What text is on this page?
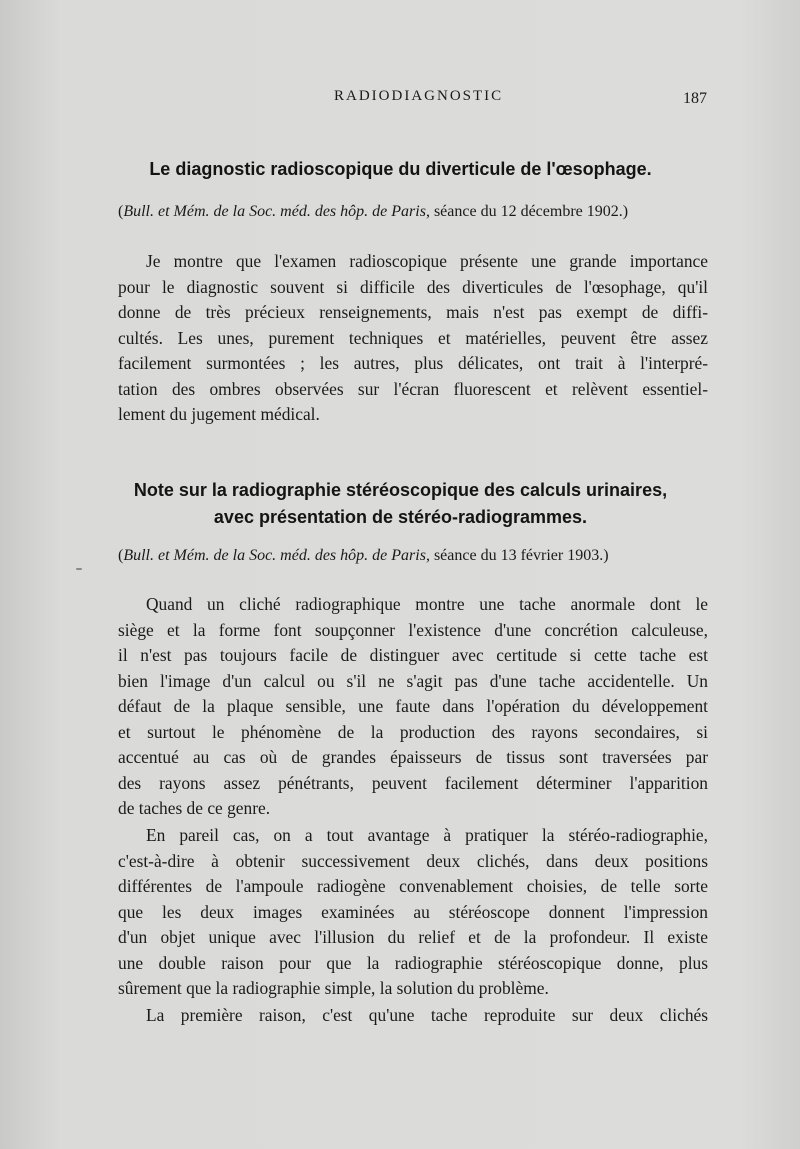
RADIODIAGNOSTIC	187
Le diagnostic radioscopique du diverticule de l'œsophage.
(Bull. et Mém. de la Soc. méd. des hôp. de Paris, séance du 12 décembre 1902.)
Je montre que l'examen radioscopique présente une grande importance
pour le diagnostic souvent si difficile des diverticules de l'œsophage, qu'il
donne de très précieux renseignements, mais n'est pas exempt de diffi-
cultés. Les unes, purement techniques et matérielles, peuvent être assez
facilement surmontées ; les autres, plus délicates, ont trait à l'interpré-
tation des ombres observées sur l'écran fluorescent et relèvent essentiel-
lement du jugement médical.
Note sur la radiographie stéréoscopique des calculs urinaires,
avec présentation de stéréo-radiogrammes.
(Bull. et Mém. de la Soc. méd. des hôp. de Paris, séance du 13 février 1903.)
Quand un cliché radiographique montre une tache anormale dont le
siège et la forme font soupçonner l'existence d'une concrétion calculeuse,
il n'est pas toujours facile de distinguer avec certitude si cette tache est
bien l'image d'un calcul ou s'il ne s'agit pas d'une tache accidentelle. Un
défaut de la plaque sensible, une faute dans l'opération du développement
et surtout le phénomène de la production des rayons secondaires, si
accentué au cas où de grandes épaisseurs de tissus sont traversées par
des rayons assez pénétrants, peuvent facilement déterminer l'apparition
de taches de ce genre.
En pareil cas, on a tout avantage à pratiquer la stéréo-radiographie,
c'est-à-dire à obtenir successivement deux clichés, dans deux positions
différentes de l'ampoule radiogène convenablement choisies, de telle sorte
que les deux images examinées au stéréoscope donnent l'impression
d'un objet unique avec l'illusion du relief et de la profondeur. Il existe
une double raison pour que la radiographie stéréoscopique donne, plus
sûrement que la radiographie simple, la solution du problème.
La première raison, c'est qu'une tache reproduite sur deux clichés
